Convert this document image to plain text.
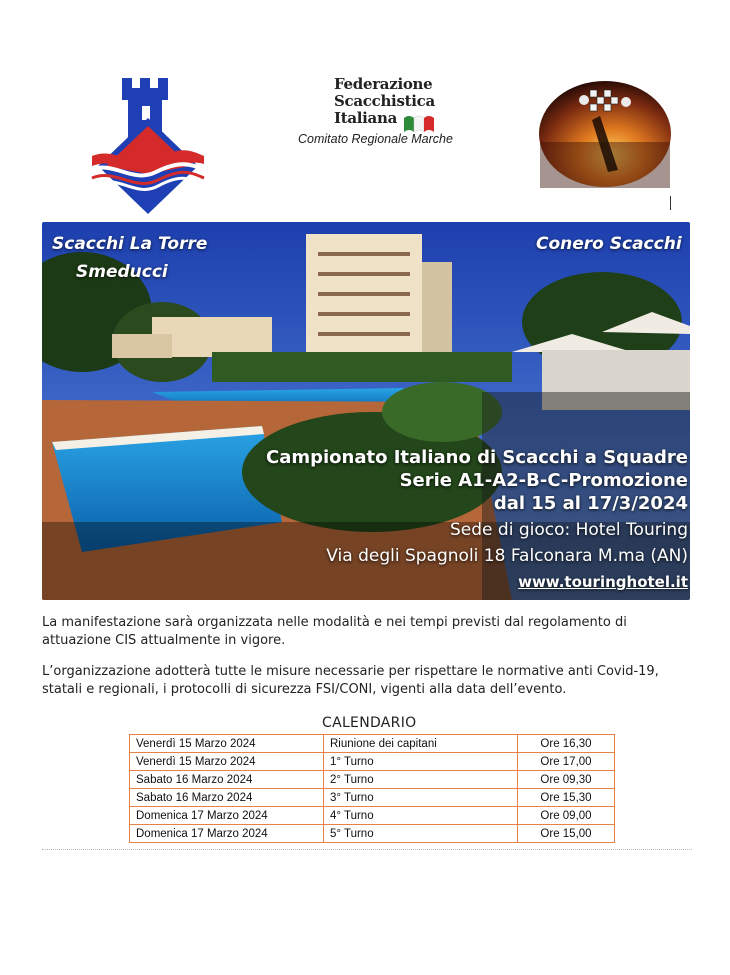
Federazione
Scacchistica
Italiana
Comitato Regionale Marche
Scacchi La Torre
Smeducci
Conero Scacchi
Campionato Italiano di Scacchi a Squadre
Serie A1-A2-B-C-Promozione
dal 15 al 17/3/2024
Sede di gioco: Hotel Touring
Via degli Spagnoli 18 Falconara M.ma (AN)
www.touringhotel.it
La manifestazione sarà organizzata nelle modalità e nei tempi previsti dal regolamento di attuazione CIS attualmente in vigore.
L’organizzazione adotterà tutte le misure necessarie per rispettare le normative anti Covid-19, statali e regionali, i protocolli di sicurezza FSI/CONI, vigenti alla data dell’evento.
CALENDARIO
Venerdì 15 Marzo 2024	Riunione dei capitani	Ore 16,30
Venerdì 15 Marzo 2024	1° Turno	Ore 17,00
Sabato 16 Marzo 2024	2° Turno	Ore 09,30
Sabato 16 Marzo 2024	3° Turno	Ore 15,30
Domenica 17 Marzo 2024	4° Turno	Ore 09,00
Domenica 17 Marzo 2024	5° Turno	Ore 15,00
